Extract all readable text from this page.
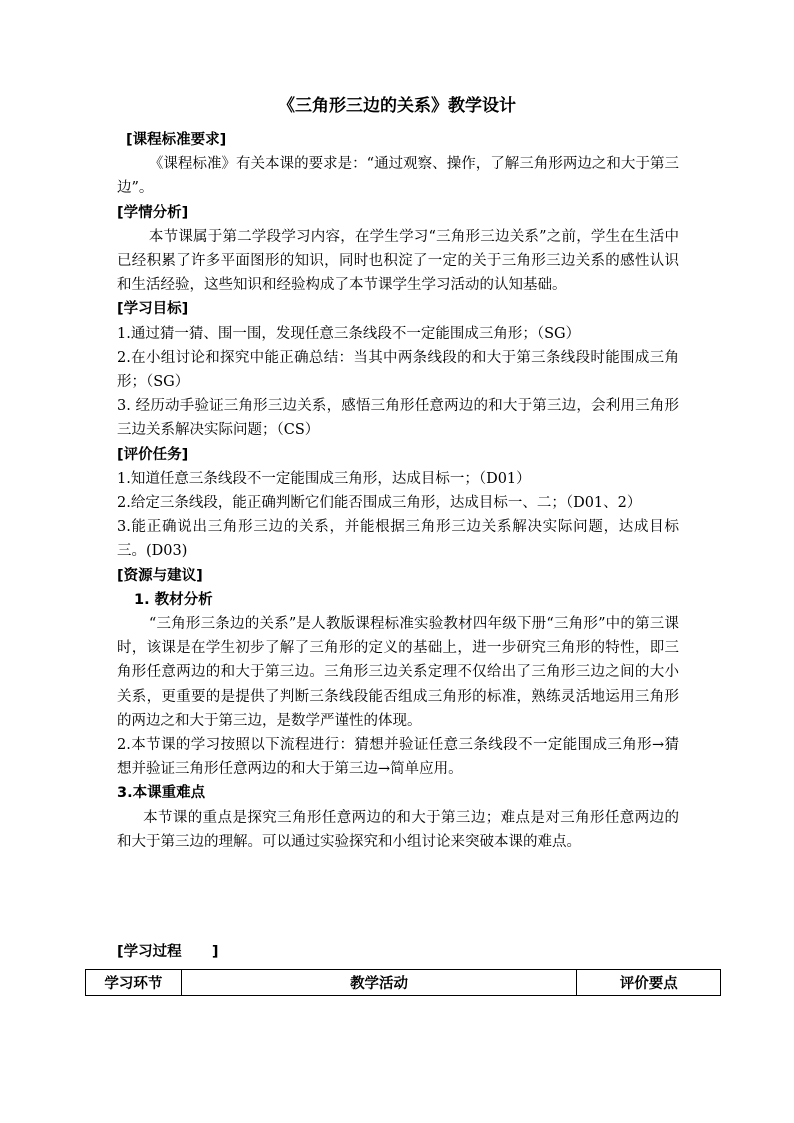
《三角形三边的关系》教学设计
[课程标准要求]
《课程标准》有关本课的要求是：“通过观察、操作，了解三角形两边之和大于第三边”。
[学情分析]
本节课属于第二学段学习内容，在学生学习“三角形三边关系”之前，学生在生活中已经积累了许多平面图形的知识，同时也积淀了一定的关于三角形三边关系的感性认识和生活经验，这些知识和经验构成了本节课学生学习活动的认知基础。
[学习目标]
1.通过猜一猜、围一围，发现任意三条线段不一定能围成三角形；（SG）
2.在小组讨论和探究中能正确总结：当其中两条线段的和大于第三条线段时能围成三角形；（SG）
3. 经历动手验证三角形三边关系，感悟三角形任意两边的和大于第三边，会利用三角形三边关系解决实际问题；（CS）
[评价任务]
1.知道任意三条线段不一定能围成三角形，达成目标一；（D01）
2.给定三条线段，能正确判断它们能否围成三角形，达成目标一、二；（D01、2）
3.能正确说出三角形三边的关系，并能根据三角形三边关系解决实际问题，达成目标三。(D03)
[资源与建议]
1. 教材分析
“三角形三条边的关系”是人教版课程标准实验教材四年级下册“三角形”中的第三课时，该课是在学生初步了解了三角形的定义的基础上，进一步研究三角形的特性，即三角形任意两边的和大于第三边。三角形三边关系定理不仅给出了三角形三边之间的大小关系，更重要的是提供了判断三条线段能否组成三角形的标准，熟练灵活地运用三角形的两边之和大于第三边，是数学严谨性的体现。
2.本节课的学习按照以下流程进行：猜想并验证任意三条线段不一定能围成三角形→猜想并验证三角形任意两边的和大于第三边→简单应用。
3.本课重难点
本节课的重点是探究三角形任意两边的和大于第三边；难点是对三角形任意两边的和大于第三边的理解。可以通过实验探究和小组讨论来突破本课的难点。
[学习过程      ]
学习环节	教学活动	评价要点
